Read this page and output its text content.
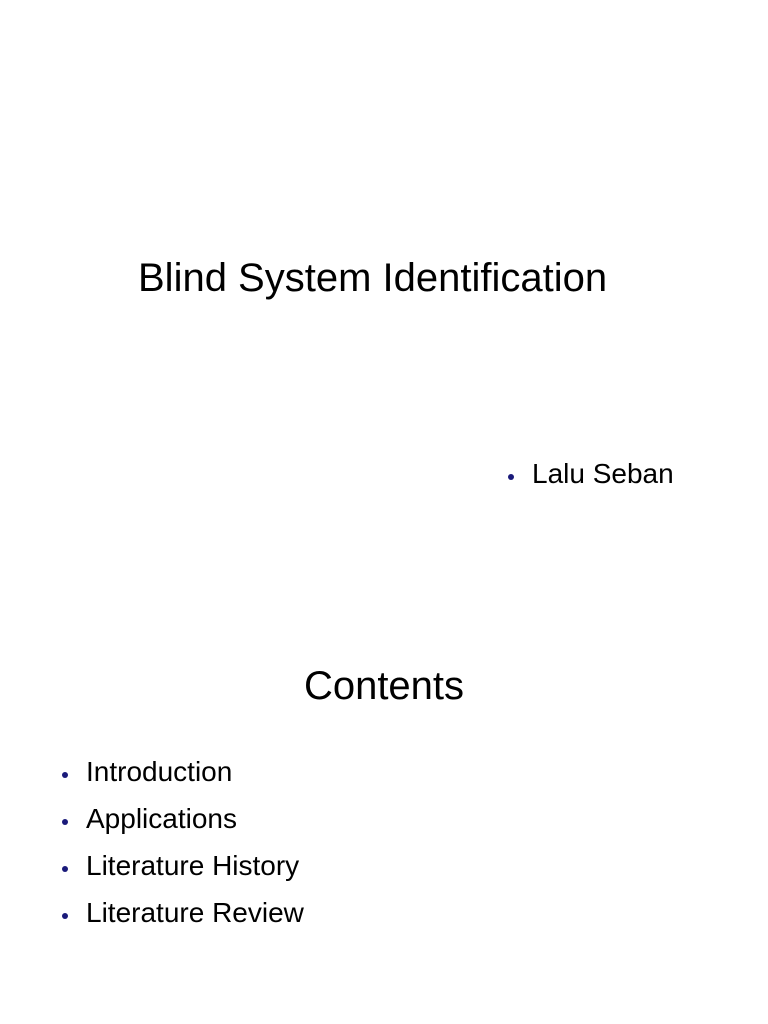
Blind System Identification
Lalu Seban
Contents
Introduction
Applications
Literature History
Literature Review
